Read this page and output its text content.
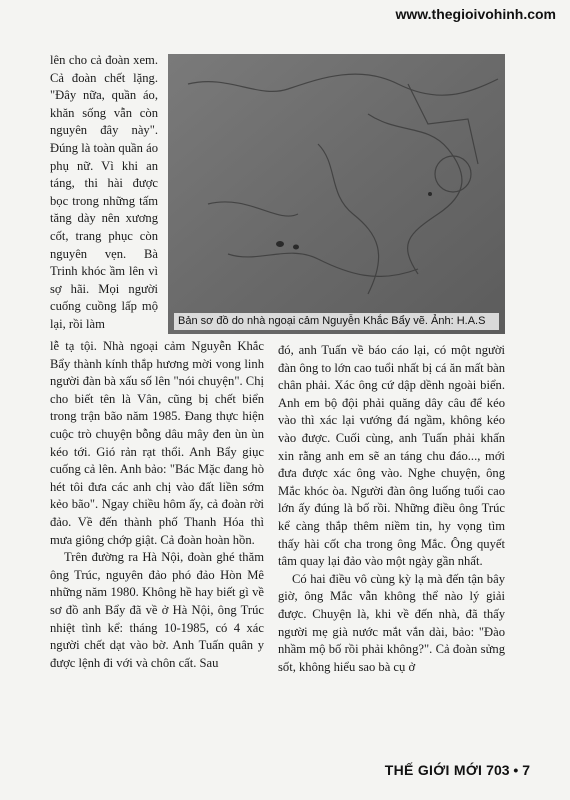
www.thegioivohinh.com

lên cho cả đoàn xem. Cả đoàn chết lặng. "Đây nữa, quần áo, khăn sống vẫn còn nguyên đây này". Đúng là toàn quần áo phụ nữ. Vì khi an táng, thi hài được bọc trong những tấm tăng dày nên xương cốt, trang phục còn nguyên vẹn. Bà Trinh khóc ầm lên vì sợ hãi. Mọi người cuống cuồng lấp mộ lại, rồi làm	Bản sơ đồ do nhà ngoại cảm Nguyễn Khắc Bẩy vẽ. Ảnh: H.A.S

lễ tạ tội. Nhà ngoại cảm Nguyễn Khắc Bẩy thành kính thắp hương mời vong linh người đàn bà xấu số lên "nói chuyện". Chị cho biết tên là Vân, cũng bị chết biển trong trận bão năm 1985. Đang thực hiện cuộc trò chuyện bỗng dâu mây đen ùn ùn kéo tới. Gió rản rạt thổi. Anh Bẩy giục cuống cả lên. Anh bảo: "Bác Mặc đang hò hét tôi đưa các anh chị vào đất liền sớm kẻo bão". Ngay chiều hôm ấy, cả đoàn rời đảo. Về đến thành phố Thanh Hóa thì mưa giông chớp giật. Cả đoàn hoàn hồn.

Trên đường ra Hà Nội, đoàn ghé thăm ông Trúc, nguyên đảo phó đảo Hòn Mê những năm 1980. Không hề hay biết gì về sơ đồ anh Bẩy đã về ở Hà Nội, ông Trúc nhiệt tình kể: tháng 10-1985, có 4 xác người chết dạt vào bờ. Anh Tuấn quân y được lệnh đi với và chôn cất. Sau

đó, anh Tuấn về báo cáo lại, có một người đàn ông to lớn cao tuổi nhất bị cá ăn mất bàn chân phải. Xác ông cứ dập dềnh ngoài biển. Anh em bộ đội phải quăng dây câu để kéo vào thì xác lại vướng đá ngầm, không kéo vào được. Cuối cùng, anh Tuấn phải khấn xin rằng anh em sẽ an táng chu đáo..., mới đưa được xác ông vào. Nghe chuyện, ông Mắc khóc òa. Người đàn ông luống tuổi cao lớn ấy đúng là bố rồi. Những điều ông Trúc kể càng thắp thêm niềm tin, hy vọng tìm thấy hài cốt cha trong ông Mắc. Ông quyết tâm quay lại đảo vào một ngày gần nhất.

Có hai điều vô cùng kỳ lạ mà đến tận bây giờ, ông Mắc vẫn không thể nào lý giải được. Chuyện là, khi về đến nhà, đã thấy người mẹ già nước mắt vắn dài, bảo: "Đào nhầm mộ bố rồi phải không?". Cả đoàn sửng sốt, không hiểu sao bà cụ ở

THẾ GIỚI MỚI 703 • 7
